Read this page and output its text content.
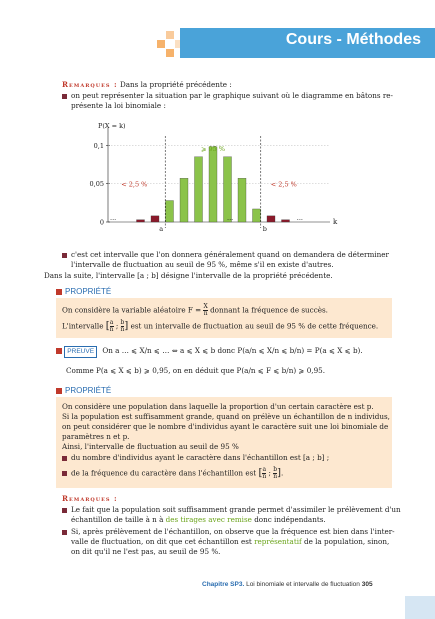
Cours - Méthodes
Remarques : Dans la propriété précédente :
on peut représenter la situation par le graphique suivant où le diagramme en bâtons re-
présente la loi binomiale :
k
P(X = k)
0
0,05
0,1
a	b
< 2,5 %
⩾ 95 %
< 2,5 %
...	...	...
c'est cet intervalle que l'on donnera généralement quand on demandera de déterminer
l'intervalle de fluctuation au seuil de 95 %, même s'il en existe d'autres.
Dans la suite, l'intervalle [a ; b] désigne l'intervalle de la propriété précédente.
PROPRIÉTÉ
On considère la variable aléatoire $F = \frac{X}{n}$ donnant la fréquence de succès.
L'intervalle [ $\frac{a}{n}$ ; $\frac{b}{n}$ ] est un intervalle de fluctuation au seuil de 95 % de cette fréquence.
PREUVE On a … ⩽ X/n ⩽ … ⇔ a ⩽ X ⩽ b donc P(a/n ⩽ X/n ⩽ b/n) = P(a ⩽ X ⩽ b).
Comme P(a ⩽ X ⩽ b) ⩾ 0,95, on en déduit que P(a/n ⩽ F ⩽ b/n) ⩾ 0,95.
PROPRIÉTÉ
On considère une population dans laquelle la proportion d'un certain caractère est p.
Si la population est suffisamment grande, quand on prélève un échantillon de n individus,
on peut considérer que le nombre d'individus ayant le caractère suit une loi binomiale de
paramètres n et p.
Ainsi, l'intervalle de fluctuation au seuil de 95 %
du nombre d'individus ayant le caractère dans l'échantillon est [a ; b] ;
de la fréquence du caractère dans l'échantillon est [ $\frac{a}{n}$ ; $\frac{b}{n}$ ].
Remarques :
Le fait que la population soit suffisamment grande permet d'assimiler le prélèvement d'un
échantillon de taille à n à des tirages avec remise donc indépendants.
Si, après prélèvement de l'échantillon, on observe que la fréquence est bien dans l'inter-
valle de fluctuation, on dit que cet échantillon est représentatif de la population, sinon,
on dit qu'il ne l'est pas, au seuil de 95 %.
Chapitre SP3. Loi binomiale et intervalle de fluctuation 305
